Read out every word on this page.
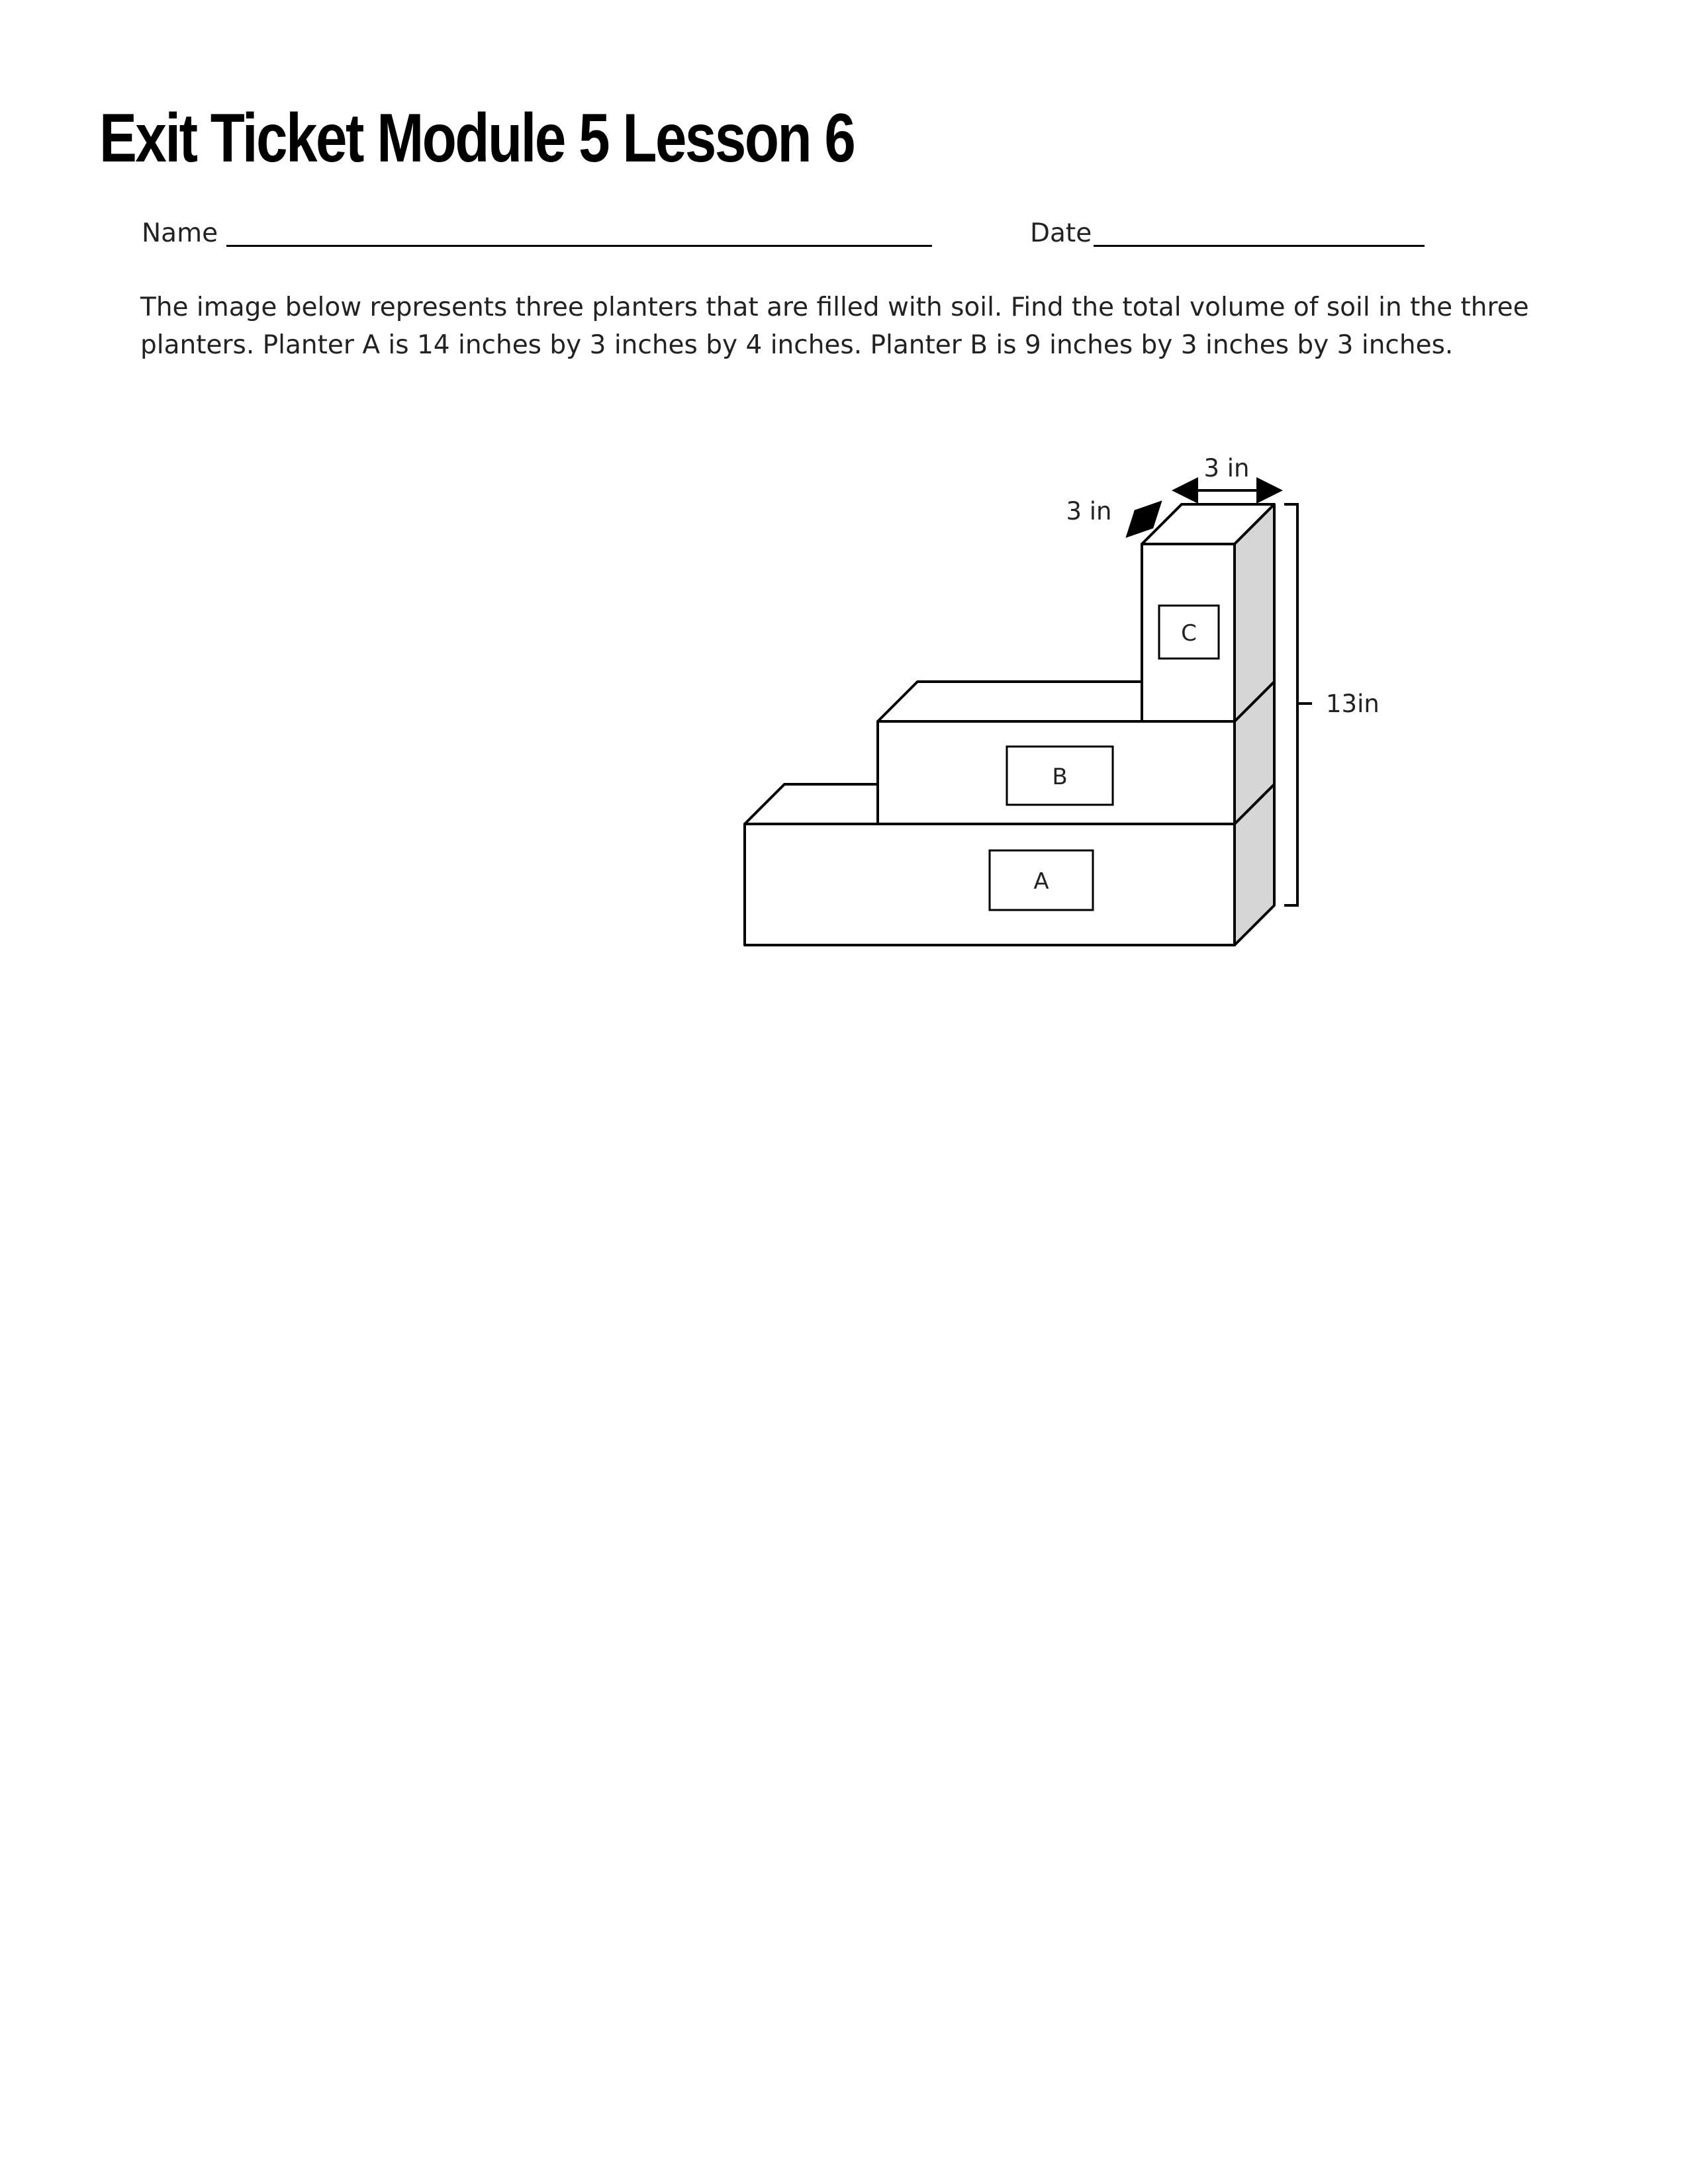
Exit Ticket Module 5 Lesson 6
Name	Date
The image below represents three planters that are filled with soil. Find the total volume of soil in the three
planters. Planter A is 14 inches by 3 inches by 4 inches. Planter B is 9 inches by 3 inches by 3 inches.
A
B
C
3 in
3 in
13in
